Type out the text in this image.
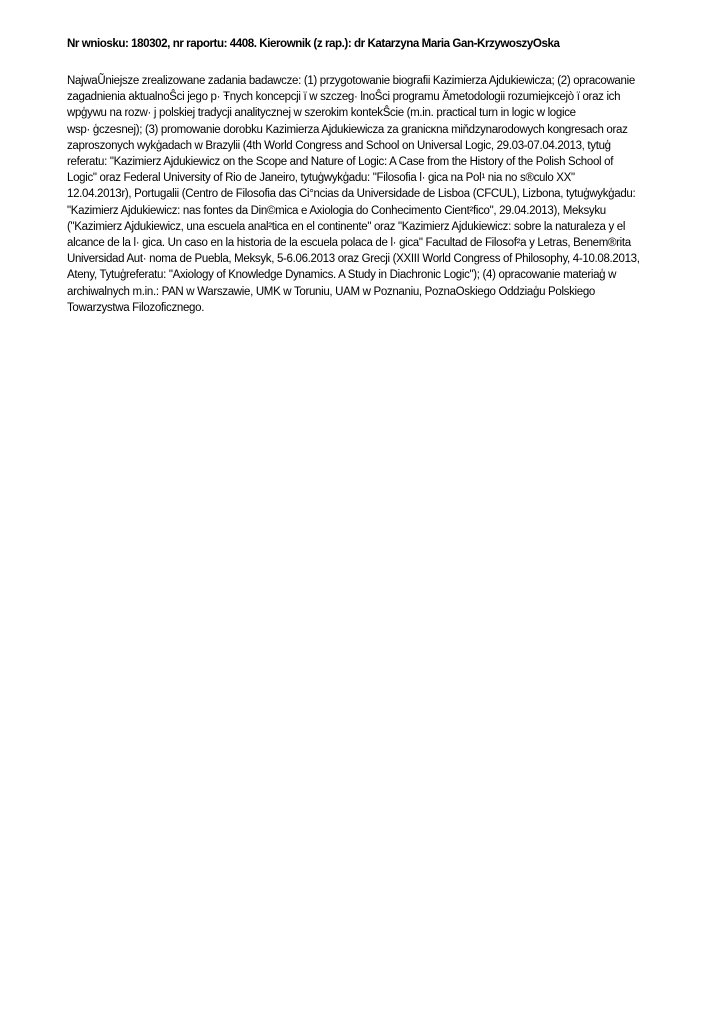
Nr wniosku: 180302, nr raportu: 4408. Kierownik (z rap.): dr Katarzyna Maria Gan-KrzywoszyOska

NajwaŨniejsze zrealizowane zadania badawcze: (1) przygotowanie biografii Kazimierza Ajdukiewicza; (2) opracowanie
zagadnienia aktualnoŜci jego p· Ŧnych koncepcji ï w szczeg· lnoŜci programu Ämetodologii rozumiejĸcejò ï oraz ich
wpģywu na rozw· j polskiej tradycji analitycznej w szerokim kontekŜcie (m.in. practical turn in logic w logice
wsp· ģczesnej); (3) promowanie dorobku Kazimierza Ajdukiewicza za granicĸna miňdzynarodowych kongresach oraz
zaproszonych wykģadach w Brazylii (4th World Congress and School on Universal Logic, 29.03-07.04.2013, tytuģ
referatu: "Kazimierz Ajdukiewicz on the Scope and Nature of Logic: A Case from the History of the Polish School of
Logic" oraz Federal University of Rio de Janeiro, tytuģwykģadu: "Filosofia l· gica na Pol¹ nia no s®culo XX"
12.04.2013r), Portugalii (Centro de Filosofia das Ci°ncias da Universidade de Lisboa (CFCUL), Lizbona, tytuģwykģadu:
"Kazimierz Ajdukiewicz: nas fontes da Din©mica e Axiologia do Conhecimento Cient²fico", 29.04.2013), Meksyku
("Kazimierz Ajdukiewicz, una escuela anal²tica en el continente" oraz "Kazimierz Ajdukiewicz: sobre la naturaleza y el
alcance de la l· gica. Un caso en la historia de la escuela polaca de l· gica" Facultad de Filosof²a y Letras, Benem®rita
Universidad Aut· noma de Puebla, Meksyk, 5-6.06.2013 oraz Grecji (XXIII World Congress of Philosophy, 4-10.08.2013,
Ateny, Tytuģreferatu: "Axiology of Knowledge Dynamics. A Study in Diachronic Logic"); (4) opracowanie materiaģ w
archiwalnych m.in.: PAN w Warszawie, UMK w Toruniu, UAM w Poznaniu, PoznaOskiego Oddziaģu Polskiego
Towarzystwa Filozoficznego.
